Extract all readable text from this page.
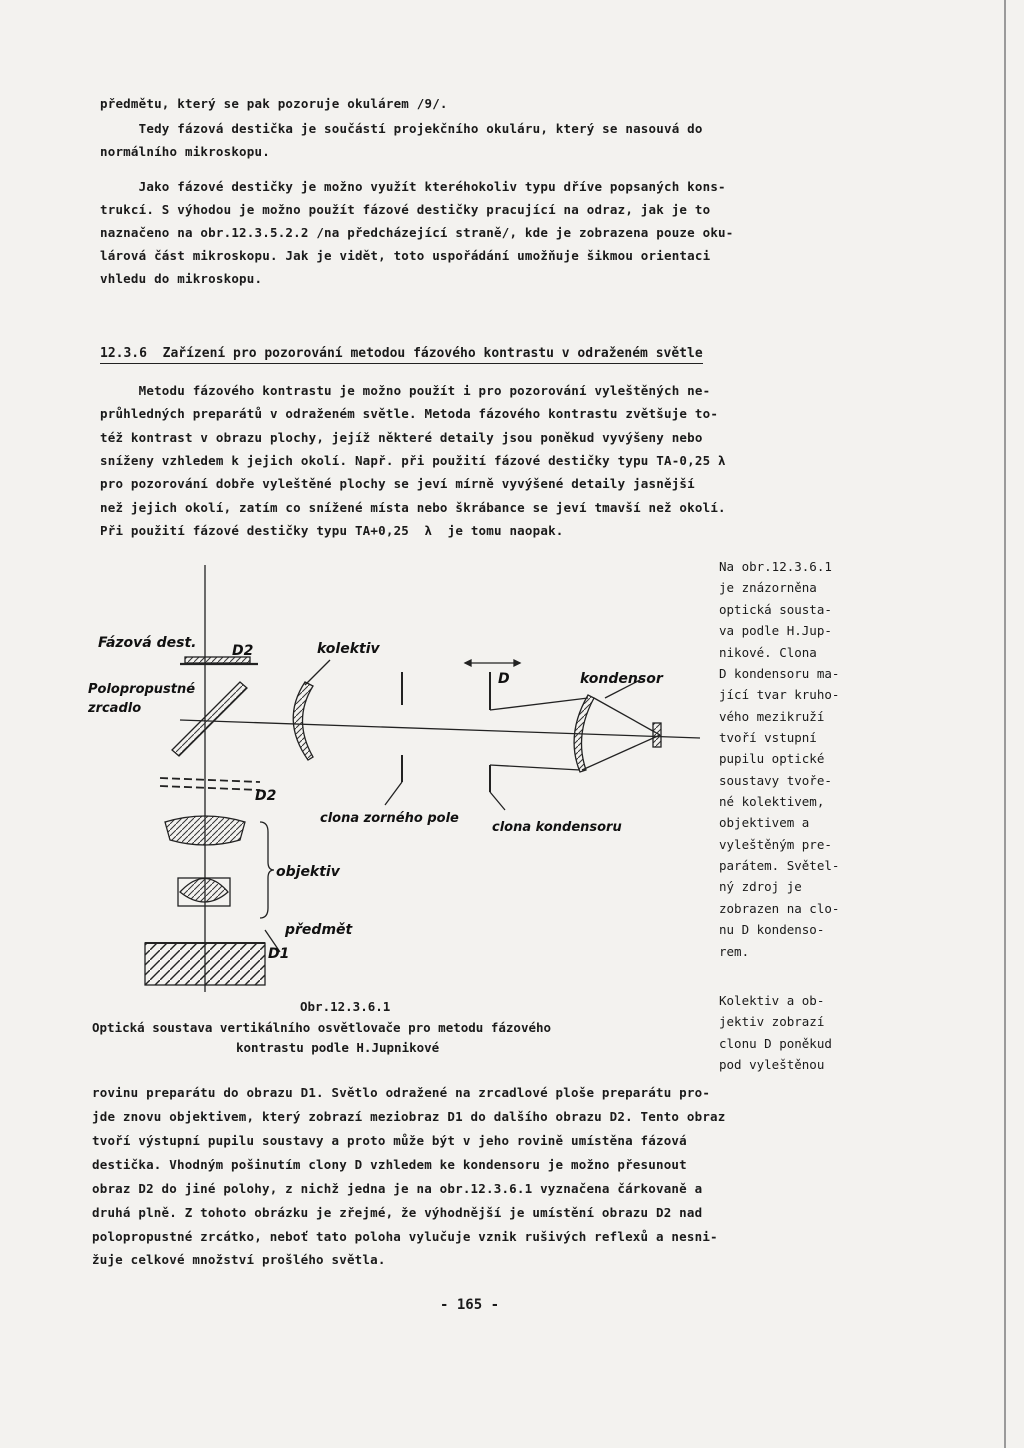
předmětu, který se pak pozoruje okulárem /9/.
Tedy fázová destička je součástí projekčního okuláru, který se nasouvá do
normálního mikroskopu.
Jako fázové destičky je možno využít kteréhokoliv typu dříve popsaných kons-
trukcí. S výhodou je možno použít fázové destičky pracující na odraz, jak je to
naznačeno na obr.12.3.5.2.2 /na předcházející straně/, kde je zobrazena pouze oku-
lárová část mikroskopu. Jak je vidět, toto uspořádání umožňuje šikmou orientaci
vhledu do mikroskopu.
12.3.6  Zařízení pro pozorování metodou fázového kontrastu v odraženém světle
Metodu fázového kontrastu je možno použít i pro pozorování vyleštěných ne-
průhledných preparátů v odraženém světle. Metoda fázového kontrastu zvětšuje to-
též kontrast v obrazu plochy, jejíž některé detaily jsou poněkud vyvýšeny nebo
sníženy vzhledem k jejich okolí. Např. při použití fázové destičky typu TA-0,25 λ
pro pozorování dobře vyleštěné plochy se jeví mírně vyvýšené detaily jasnější
než jejich okolí, zatím co snížené místa nebo škrábance se jeví tmavší než okolí.
Při použití fázové destičky typu TA+0,25  λ  je tomu naopak.
Na obr.12.3.6.1
je znázorněna
optická sousta-
va podle H.Jup-
nikové. Clona
D kondensoru ma-
jící tvar kruho-
vého mezikruží
tvoří vstupní
pupilu optické
soustavy tvoře-
né kolektivem,
objektivem a
vyleštěným pre-
parátem. Světel-
ný zdroj je
zobrazen na clo-
nu D kondenso-
rem.
Kolektiv a ob-
jektiv zobrazí
clonu D poněkud
pod vyleštěnou
Fázová dest.	D2	kolektiv
Polopropustné
zrcadlo
D	kondensor
D2
clona zorného pole
clona kondensoru
objektiv
předmět
D1
Obr.12.3.6.1
Optická soustava vertikálního osvětlovače pro metodu fázového
kontrastu podle H.Jupnikové
rovinu preparátu do obrazu D1. Světlo odražené na zrcadlové ploše preparátu pro-
jde znovu objektivem, který zobrazí meziobraz D1 do dalšího obrazu D2. Tento obraz
tvoří výstupní pupilu soustavy a proto může být v jeho rovině umístěna fázová
destička. Vhodným pošinutím clony D vzhledem ke kondensoru je možno přesunout
obraz D2 do jiné polohy, z nichž jedna je na obr.12.3.6.1 vyznačena čárkovaně a
druhá plně. Z tohoto obrázku je zřejmé, že výhodnější je umístění obrazu D2 nad
polopropustné zrcátko, neboť tato poloha vylučuje vznik rušivých reflexů a nesni-
žuje celkové množství prošlého světla.
- 165 -
